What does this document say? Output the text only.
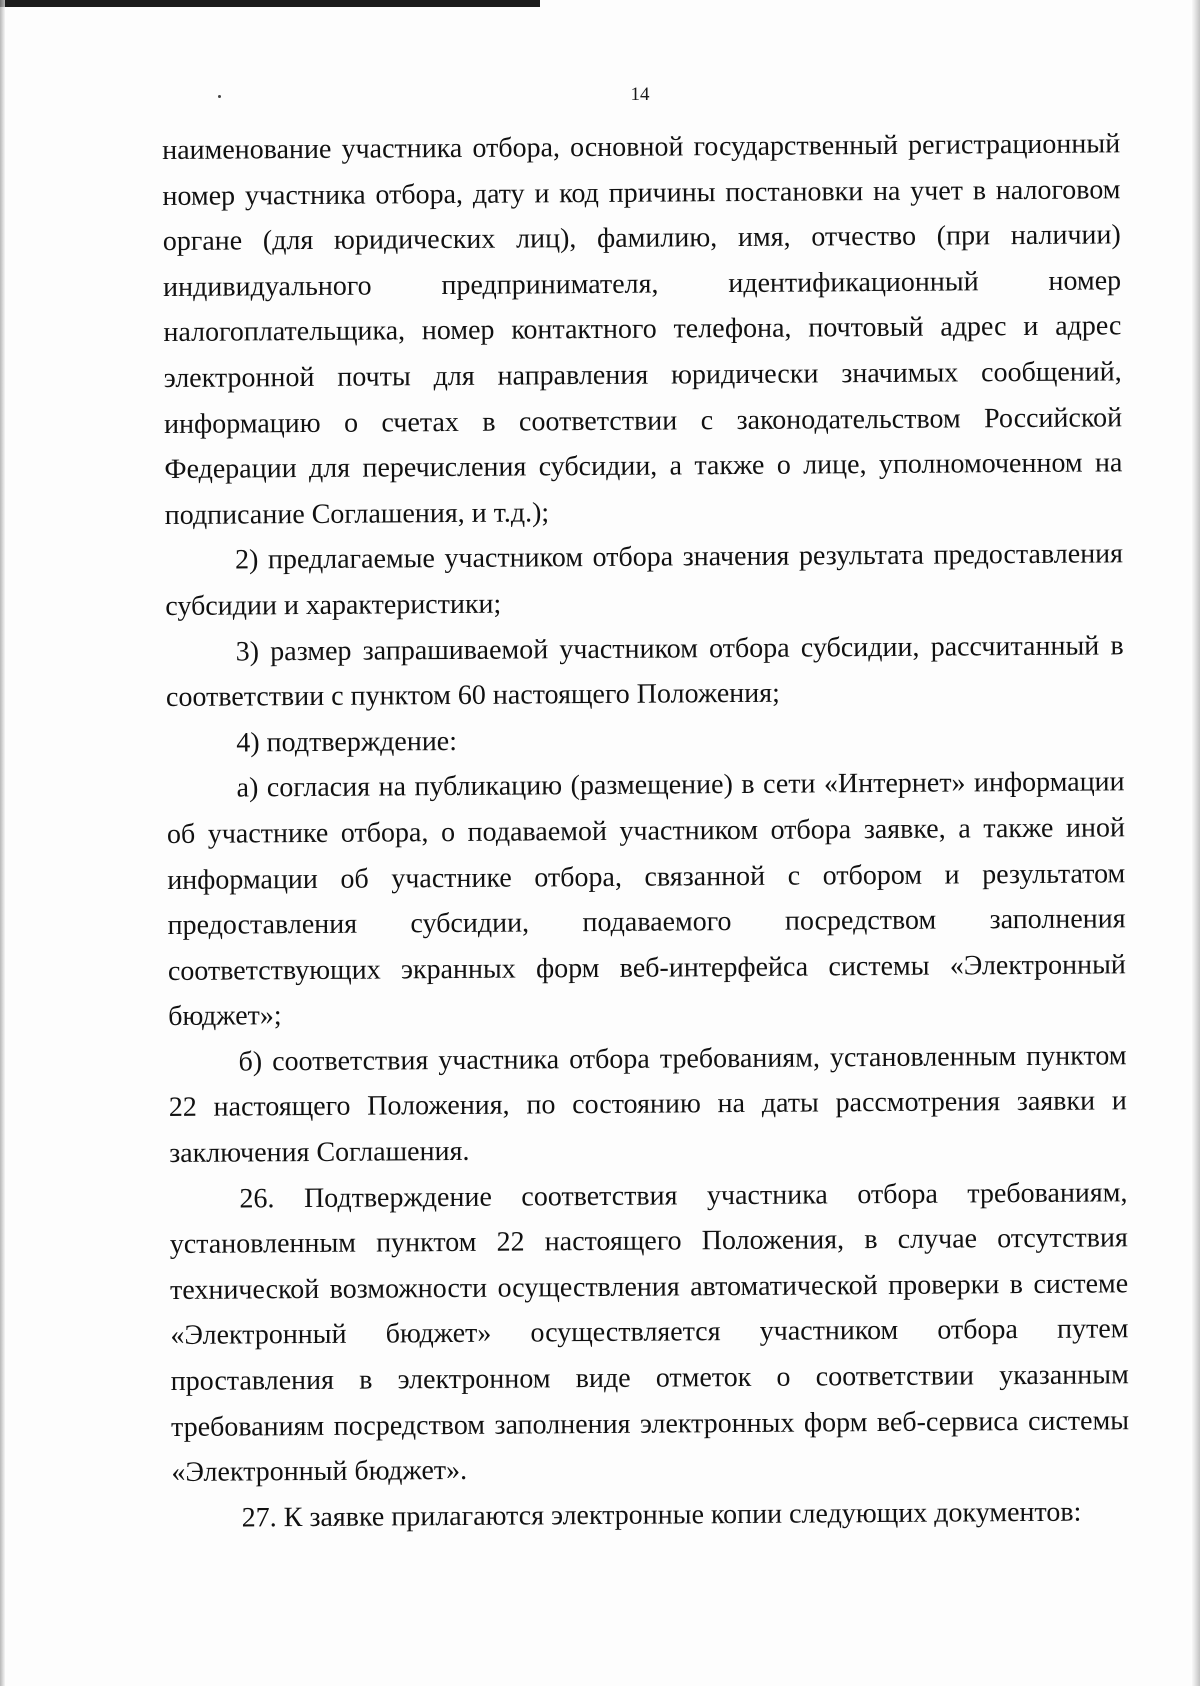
14

наименование участника отбора, основной государственный регистрационный номер участника отбора, дату и код причины постановки на учет в налоговом органе (для юридических лиц), фамилию, имя, отчество (при наличии) индивидуального предпринимателя, идентификационный номер налогоплательщика, номер контактного телефона, почтовый адрес и адрес электронной почты для направления юридически значимых сообщений, информацию о счетах в соответствии с законодательством Российской Федерации для перечисления субсидии, а также о лице, уполномоченном на подписание Соглашения, и т.д.);

2) предлагаемые участником отбора значения результата предоставления субсидии и характеристики;

3) размер запрашиваемой участником отбора субсидии, рассчитанный в соответствии с пунктом 60 настоящего Положения;

4) подтверждение:

а) согласия на публикацию (размещение) в сети «Интернет» информации об участнике отбора, о подаваемой участником отбора заявке, а также иной информации об участнике отбора, связанной с отбором и результатом предоставления субсидии, подаваемого посредством заполнения соответствующих экранных форм веб-интерфейса системы «Электронный бюджет»;

б) соответствия участника отбора требованиям, установленным пунктом 22 настоящего Положения, по состоянию на даты рассмотрения заявки и заключения Соглашения.

26. Подтверждение соответствия участника отбора требованиям, установленным пунктом 22 настоящего Положения, в случае отсутствия технической возможности осуществления автоматической проверки в системе «Электронный бюджет» осуществляется участником отбора путем проставления в электронном виде отметок о соответствии указанным требованиям посредством заполнения электронных форм веб-сервиса системы «Электронный бюджет».

27. К заявке прилагаются электронные копии следующих документов:
